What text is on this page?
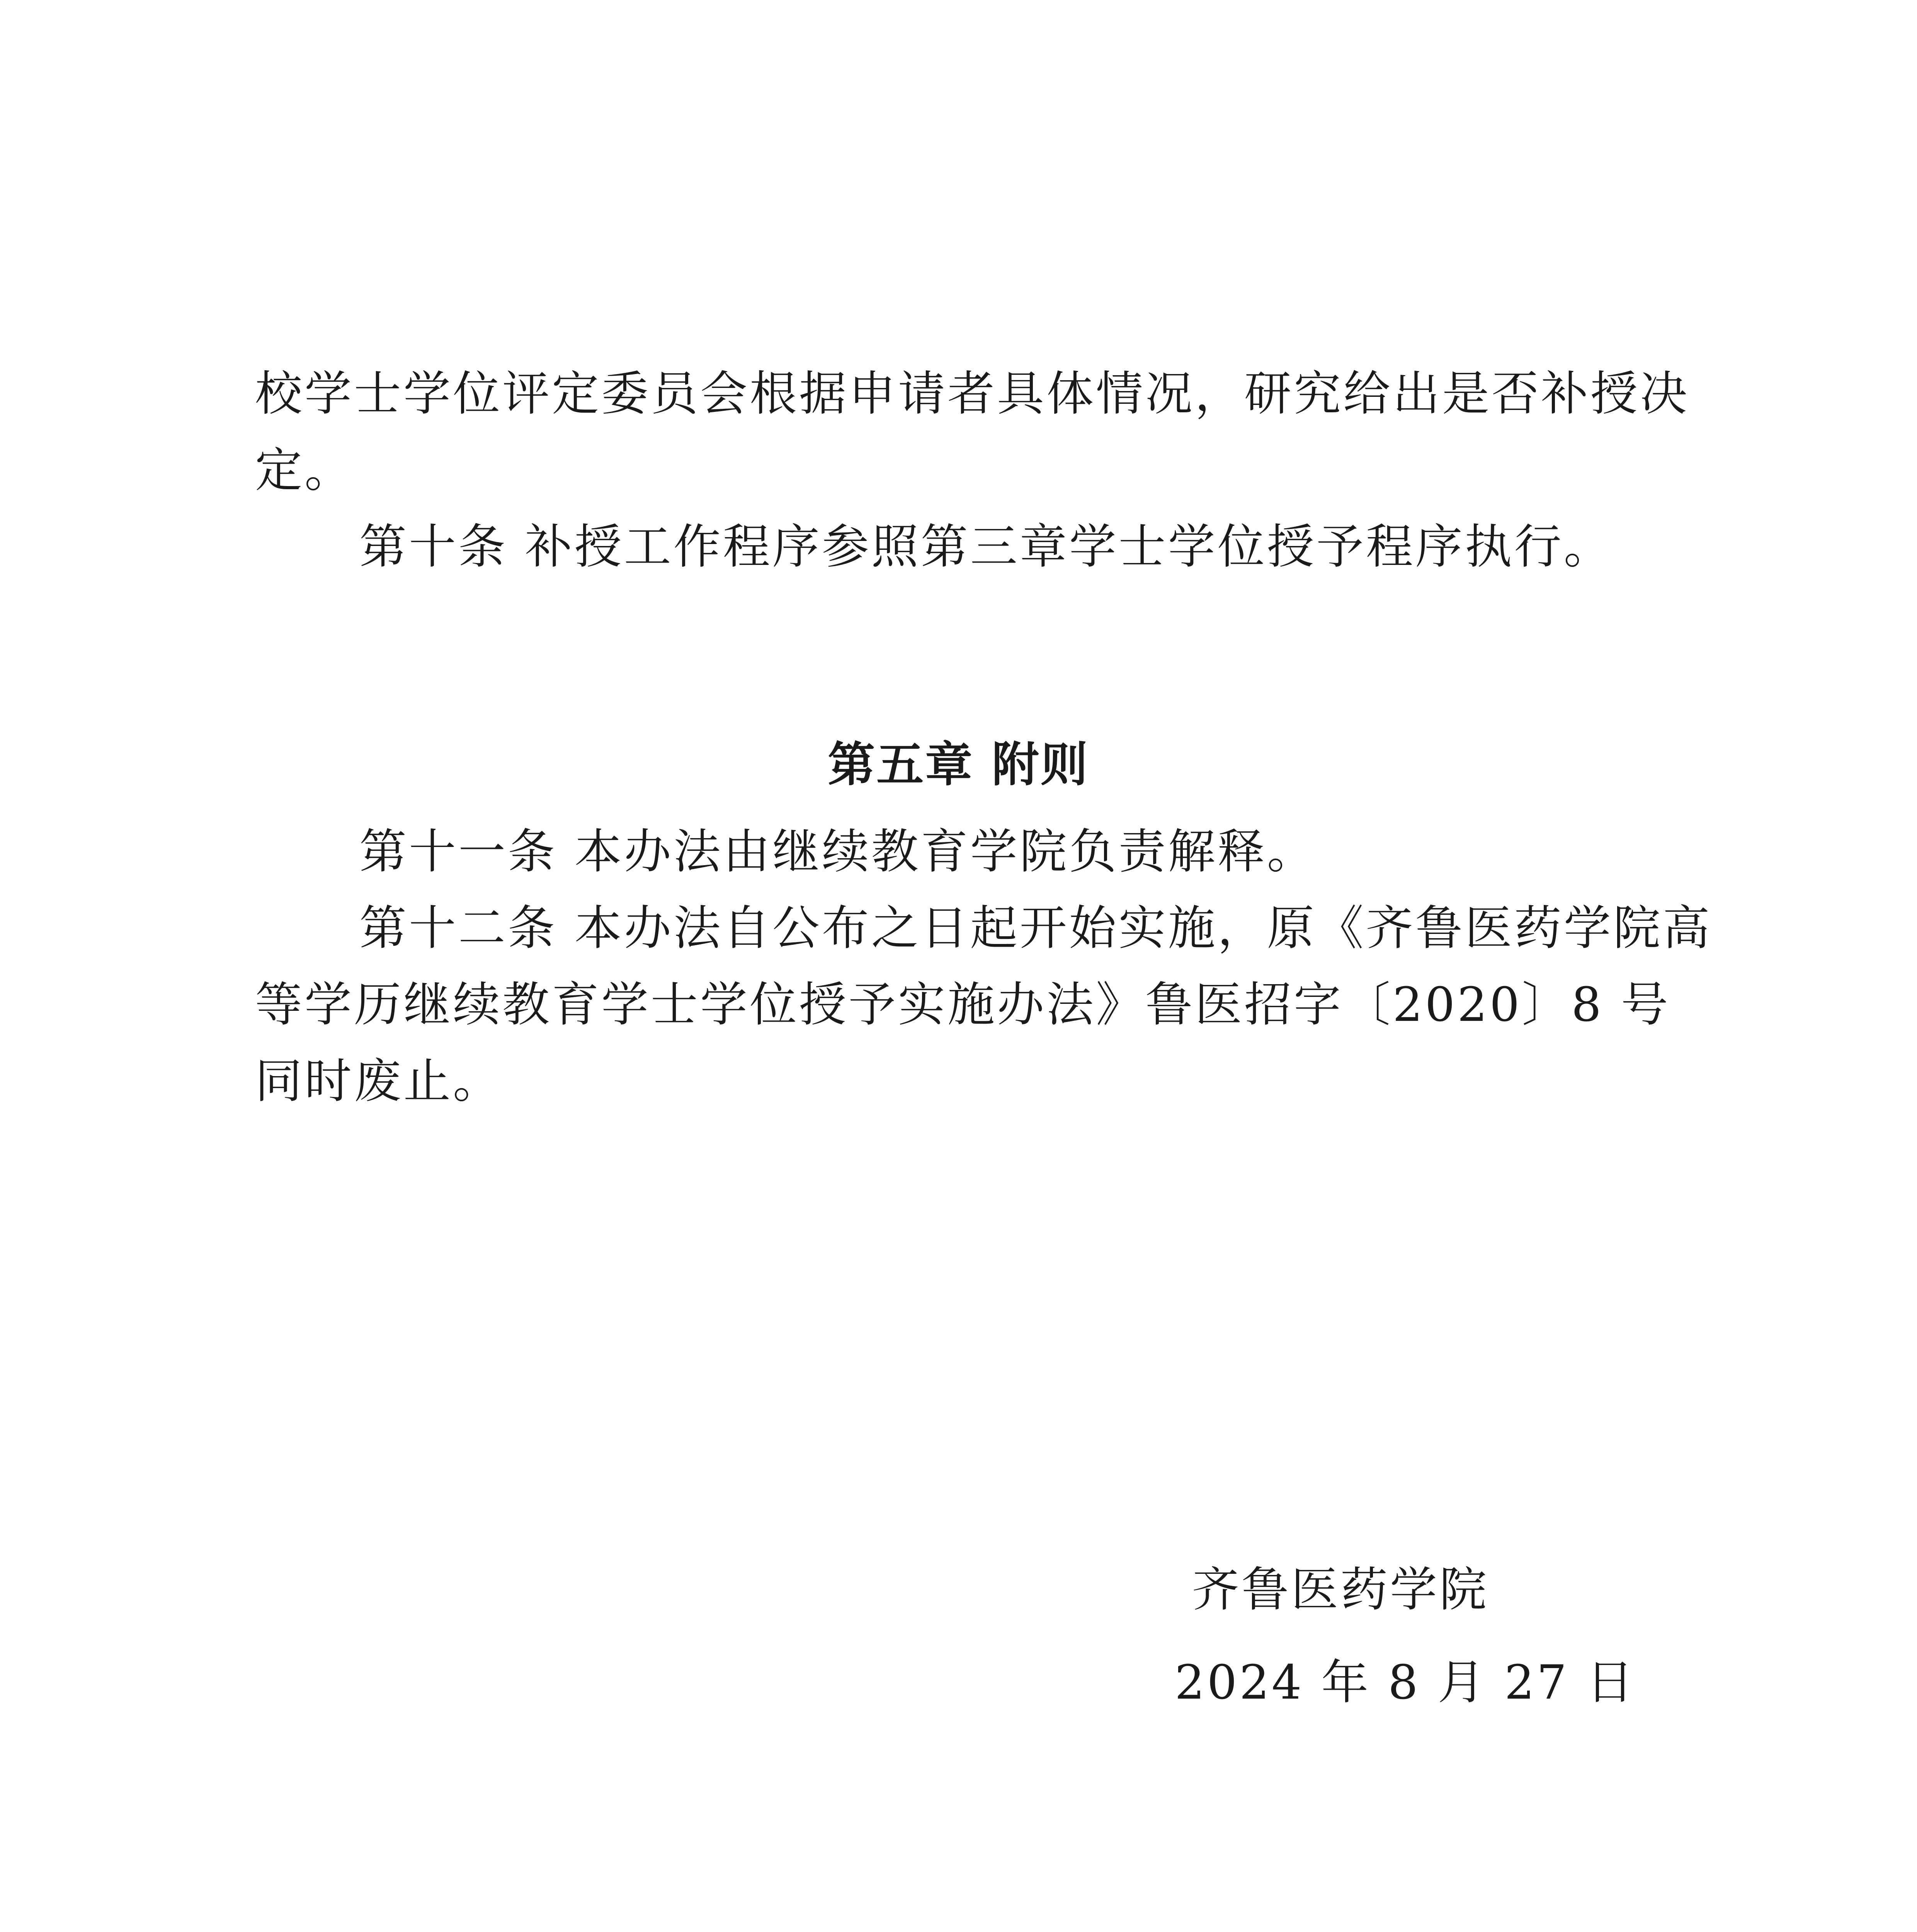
校学士学位评定委员会根据申请者具体情况，研究给出是否补授决定。

第十条 补授工作程序参照第三章学士学位授予程序执行。

第五章 附则

第十一条 本办法由继续教育学院负责解释。

第十二条 本办法自公布之日起开始实施，原《齐鲁医药学院高等学历继续教育学士学位授予实施办法》鲁医招字〔2020〕8 号同时废止。

齐鲁医药学院

2024 年 8 月 27 日
